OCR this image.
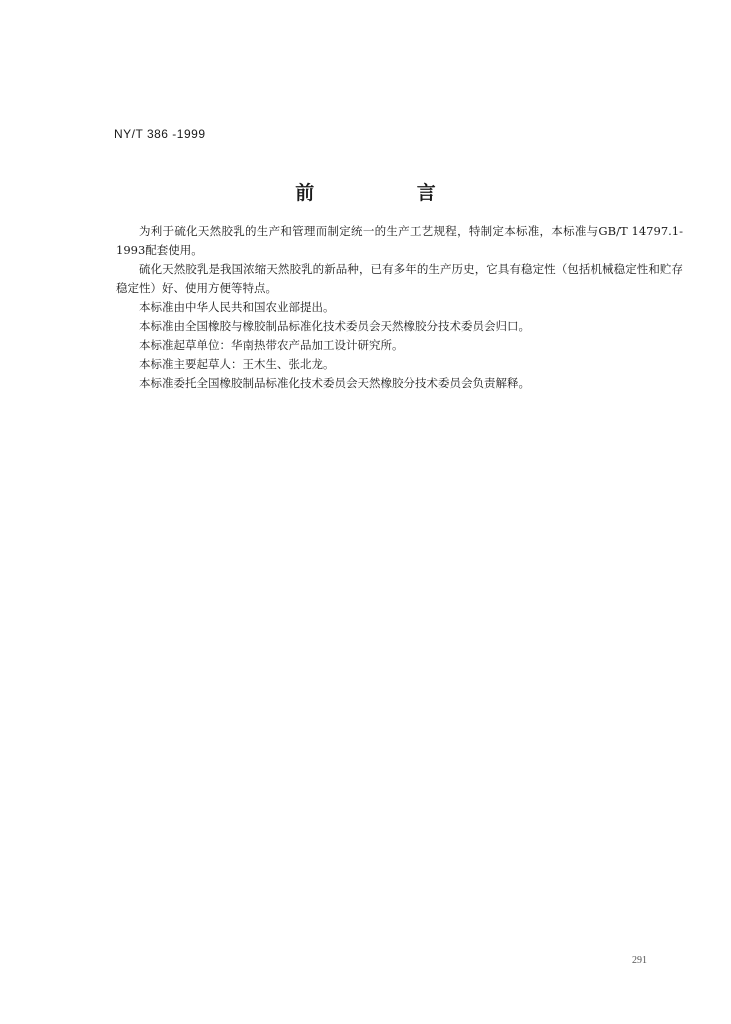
NY/T 386 -1999
前 言

为利于硫化天然胶乳的生产和管理而制定统一的生产工艺规程，特制定本标准，本标准与GB/T 14797.1-1993配套使用。

硫化天然胶乳是我国浓缩天然胶乳的新品种，已有多年的生产历史，它具有稳定性（包括机械稳定性和贮存稳定性）好、使用方便等特点。

本标准由中华人民共和国农业部提出。

本标准由全国橡胶与橡胶制品标准化技术委员会天然橡胶分技术委员会归口。

本标准起草单位：华南热带农产品加工设计研究所。

本标准主要起草人：王木生、张北龙。

本标准委托全国橡胶制品标准化技术委员会天然橡胶分技术委员会负责解释。

291
